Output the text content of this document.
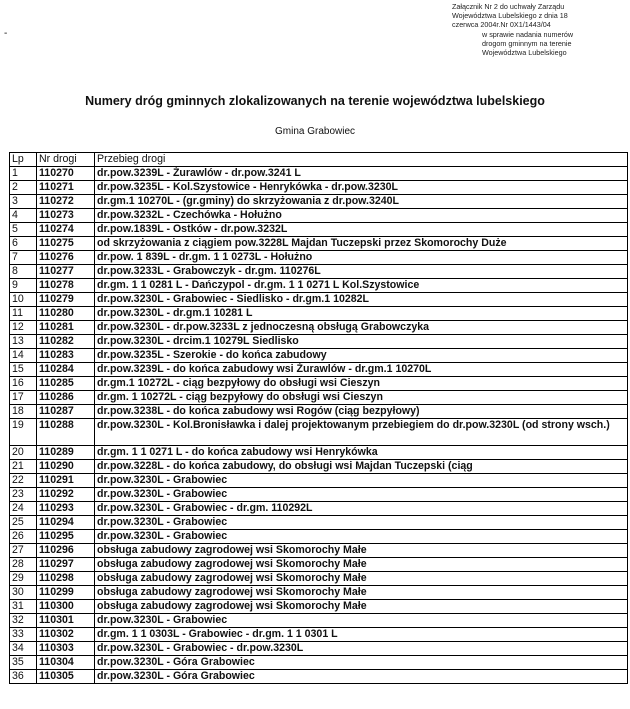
-
Załącznik Nr 2 do uchwały Zarządu
Województwa Lubelskiego z dnia 18
czerwca 2004r.Nr 0X1/1443/04
w sprawie nadania numerów
drogom gminnym na terenie
Województwa Lubelskiego
Numery dróg gminnych zlokalizowanych na terenie województwa lubelskiego
Gmina Grabowiec
Lp	Nr drogi	Przebieg drogi
1	110270	dr.pow.3239L - Żurawlów - dr.pow.3241 L
2	110271	dr.pow.3235L - Kol.Szystowice - Henrykówka - dr.pow.3230L
3	110272	dr.gm.1 10270L - (gr.gminy) do skrzyżowania z dr.pow.3240L
4	110273	dr.pow.3232L - Czechówka - Hołużno
5	110274	dr.pow.1839L - Ostków - dr.pow.3232L
6	110275	od skrzyżowania z ciągiem pow.3228L Majdan Tuczepski przez Skomorochy Duże
7	110276	dr.pow. 1 839L - dr.gm. 1 1 0273L - Hołużno
8	110277	dr.pow.3233L - Grabowczyk - dr.gm. 110276L
9	110278	dr.gm. 1 1 0281 L - Dańczypol - dr.gm. 1 1 0271 L Kol.Szystowice
10	110279	dr.pow.3230L - Grabowiec - Siedlisko - dr.gm.1 10282L
11	110280	dr.pow.3230L - dr.gm.1 10281 L
12	110281	dr.pow.3230L - dr.pow.3233L z jednoczesną obsługą Grabowczyka
13	110282	dr.pow.3230L - drcim.1 10279L Siedlisko
14	110283	dr.pow.3235L - Szerokie - do końca zabudowy
15	110284	dr.pow.3239L - do końca zabudowy wsi Żurawlów - dr.gm.1 10270L
16	110285	dr.gm.1 10272L - ciąg bezpyłowy do obsługi wsi Cieszyn
17	110286	dr.gm. 1 10272L - ciąg bezpyłowy do obsługi wsi Cieszyn
18	110287	dr.pow.3238L - do końca zabudowy wsi Rogów (ciąg bezpyłowy)
19	110288	dr.pow.3230L - Kol.Bronisławka i dalej projektowanym przebiegiem do dr.pow.3230L (od strony wsch.)
20	110289	dr.gm. 1 1 0271 L - do końca zabudowy wsi Henrykówka
21	110290	dr.pow.3228L - do końca zabudowy, do obsługi wsi Majdan Tuczepski (ciąg
22	110291	dr.pow.3230L - Grabowiec
23	110292	dr.pow.3230L - Grabowiec
24	110293	dr.pow.3230L - Grabowiec - dr.gm. 110292L
25	110294	dr.pow.3230L - Grabowiec
26	110295	dr.pow.3230L - Grabowiec
27	110296	obsługa zabudowy zagrodowej wsi Skomorochy Małe
28	110297	obsługa zabudowy zagrodowej wsi Skomorochy Małe
29	110298	obsługa zabudowy zagrodowej wsi Skomorochy Małe
30	110299	obsługa zabudowy zagrodowej wsi Skomorochy Małe
31	110300	obsługa zabudowy zagrodowej wsi Skomorochy Małe
32	110301	dr.pow.3230L - Grabowiec
33	110302	dr.gm. 1 1 0303L - Grabowiec - dr.gm. 1 1 0301 L
34	110303	dr.pow.3230L - Grabowiec - dr.pow.3230L
35	110304	dr.pow.3230L - Góra Grabowiec
36	110305	dr.pow.3230L - Góra Grabowiec
